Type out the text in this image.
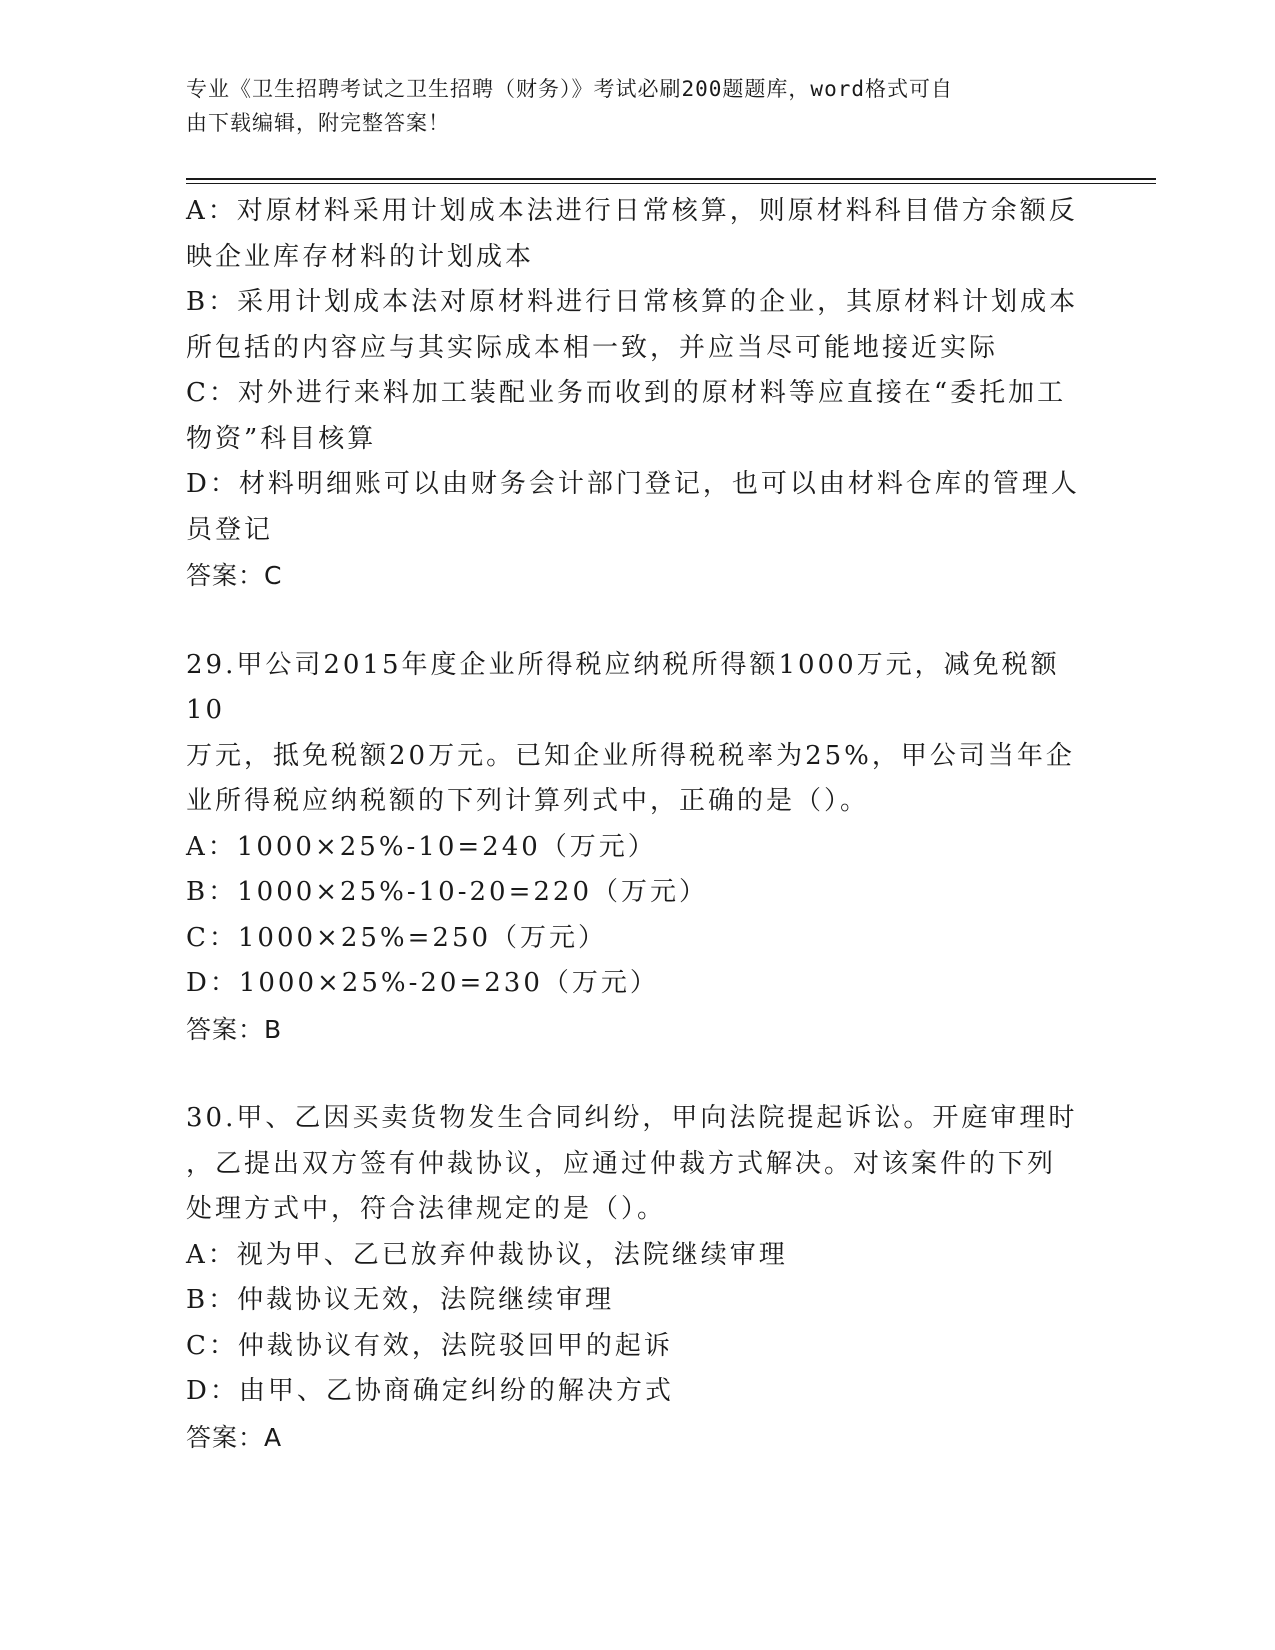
专业《卫生招聘考试之卫生招聘（财务）》考试必刷200题题库，word格式可自
由下载编辑，附完整答案！

A：对原材料采用计划成本法进行日常核算，则原材料科目借方余额反

映企业库存材料的计划成本

B：采用计划成本法对原材料进行日常核算的企业，其原材料计划成本

所包括的内容应与其实际成本相一致，并应当尽可能地接近实际

C：对外进行来料加工装配业务而收到的原材料等应直接在“委托加工

物资”科目核算

D：材料明细账可以由财务会计部门登记，也可以由材料仓库的管理人

员登记

答案：C

29.甲公司2015年度企业所得税应纳税所得额1000万元，减免税额10

万元，抵免税额20万元。已知企业所得税税率为25%，甲公司当年企

业所得税应纳税额的下列计算列式中，正确的是（）。

A：1000×25%-10=240（万元）

B：1000×25%-10-20=220（万元）

C：1000×25%=250（万元）

D：1000×25%-20=230（万元）

答案：B

30.甲、乙因买卖货物发生合同纠纷，甲向法院提起诉讼。开庭审理时

，乙提出双方签有仲裁协议，应通过仲裁方式解决。对该案件的下列

处理方式中，符合法律规定的是（）。

A：视为甲、乙已放弃仲裁协议，法院继续审理

B：仲裁协议无效，法院继续审理

C：仲裁协议有效，法院驳回甲的起诉

D：由甲、乙协商确定纠纷的解决方式

答案：A
